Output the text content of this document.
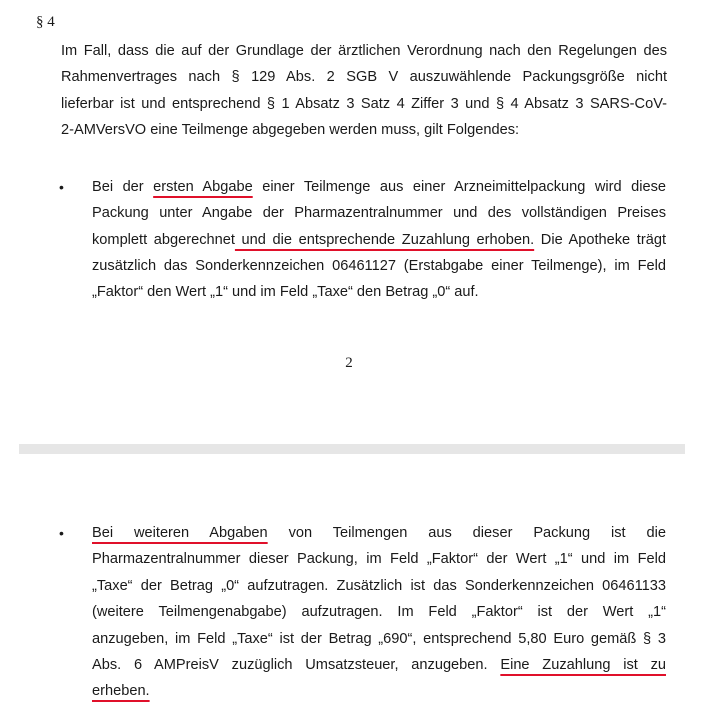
§ 4
Im Fall, dass die auf der Grundlage der ärztlichen Verordnung nach den Regelungen des
Rahmenvertrages nach § 129 Abs. 2 SGB V auszuwählende Packungsgröße nicht
lieferbar ist und entsprechend § 1 Absatz 3 Satz 4 Ziffer 3 und § 4 Absatz 3 SARS-CoV-
2-AMVersVO eine Teilmenge abgegeben werden muss, gilt Folgendes:
• Bei der ersten Abgabe einer Teilmenge aus einer Arzneimittelpackung wird diese
Packung unter Angabe der Pharmazentralnummer und des vollständigen Preises
komplett abgerechnet und die entsprechende Zuzahlung erhoben. Die Apotheke trägt
zusätzlich das Sonderkennzeichen 06461127 (Erstabgabe einer Teilmenge), im Feld
„Faktor“ den Wert „1“ und im Feld „Taxe“ den Betrag „0“ auf.
2
• Bei weiteren Abgaben von Teilmengen aus dieser Packung ist die
Pharmazentralnummer dieser Packung, im Feld „Faktor“ der Wert „1“ und im Feld
„Taxe“ der Betrag „0“ aufzutragen. Zusätzlich ist das Sonderkennzeichen 06461133
(weitere Teilmengenabgabe) aufzutragen. Im Feld „Faktor“ ist der Wert „1“
anzugeben, im Feld „Taxe“ ist der Betrag „690“, entsprechend 5,80 Euro gemäß § 3
Abs. 6 AMPreisV zuzüglich Umsatzsteuer, anzugeben. Eine Zuzahlung ist zu
erheben.
